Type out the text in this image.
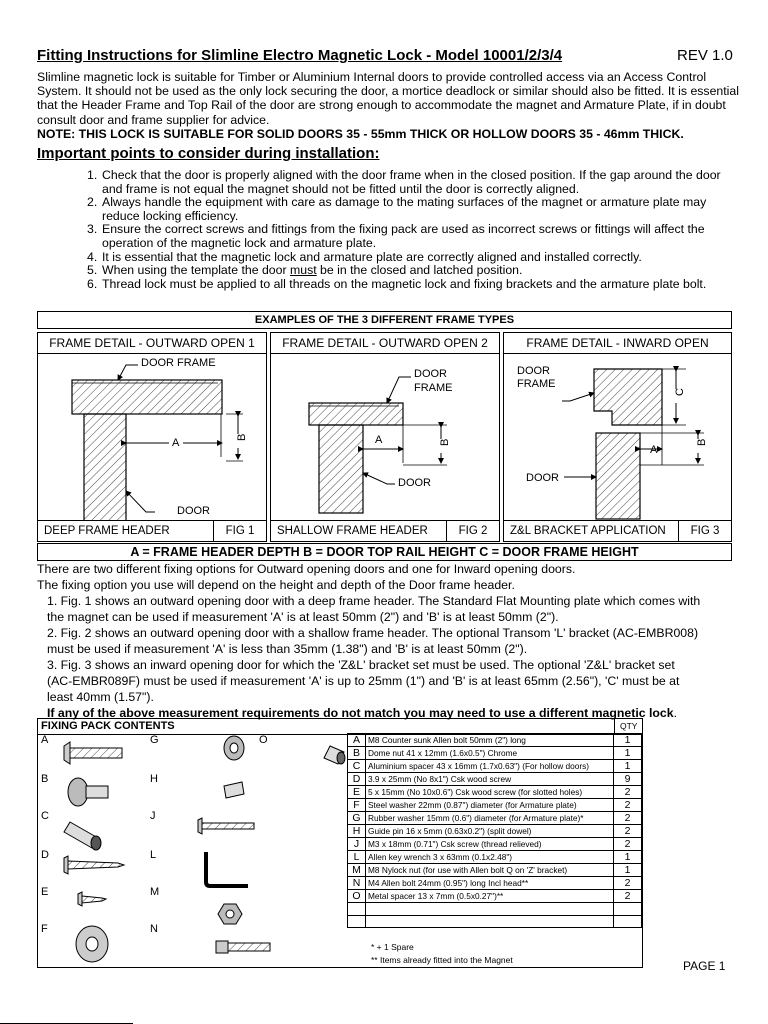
Fitting Instructions for Slimline Electro Magnetic Lock - Model 10001/2/3/4	REV 1.0
Slimline magnetic lock is suitable for Timber or Aluminium Internal doors to provide controlled access via an Access Control System. It should not be used as the only lock securing the door, a mortice deadlock or similar should also be fitted. It is essential that the Header Frame and Top Rail of the door are strong enough to accommodate the magnet and Armature Plate, if in doubt consult door and frame supplier for advice.
NOTE: THIS LOCK IS SUITABLE FOR SOLID DOORS 35 - 55mm THICK OR HOLLOW DOORS 35 - 46mm THICK.
Important points to consider during installation:
1. Check that the door is properly aligned with the door frame when in the closed position. If the gap around the door and frame is not equal the magnet should not be fitted until the door is correctly aligned.
2. Always handle the equipment with care as damage to the mating surfaces of the magnet or armature plate may reduce locking efficiency.
3. Ensure the correct screws and fittings from the fixing pack are used as incorrect screws or fittings will affect the operation of the magnetic lock and armature plate.
4. It is essential that the magnetic lock and armature plate are correctly aligned and installed correctly.
5. When using the template the door must be in the closed and latched position.
6. Thread lock must be applied to all threads on the magnetic lock and fixing brackets and the armature plate bolt.
EXAMPLES OF THE 3 DIFFERENT FRAME TYPES
FRAME DETAIL - OUTWARD OPEN 1
B
DOOR FRAME
A
DOOR
DEEP FRAME HEADER	FIG 1
FRAME DETAIL - OUTWARD OPEN 2
B
DOOR
FRAME
A
DOOR
SHALLOW FRAME HEADER	FIG 2
FRAME DETAIL - INWARD OPEN
C
B
DOOR
FRAME
A
DOOR
Z&L BRACKET APPLICATION	FIG 3
A = FRAME HEADER DEPTH B = DOOR TOP RAIL HEIGHT C = DOOR FRAME HEIGHT
There are two different fixing options for Outward opening doors and one for Inward opening doors.
The fixing option you use will depend on the height and depth of the Door frame header.
1. Fig. 1 shows an outward opening door with a deep frame header. The Standard Flat Mounting plate which comes with
the magnet can be used if measurement 'A' is at least 50mm (2") and 'B' is at least 50mm (2").
2. Fig. 2 shows an outward opening door with a shallow frame header. The optional Transom 'L' bracket (AC-EMBR008)
must be used if measurement 'A' is less than 35mm (1.38") and 'B' is at least 50mm (2").
3. Fig. 3 shows an inward opening door for which the 'Z&L' bracket set must be used. The optional 'Z&L' bracket set
(AC-EMBR089F) must be used if measurement 'A' is up to 25mm (1") and 'B' is at least 65mm (2.56"), 'C' must be at
least 40mm (1.57").
If any of the above measurement requirements do not match you may need to use a different magnetic lock.
FIXING PACK CONTENTS	QTY
A
B
C
D
E
F
G
H
J
L
M
N
O
* + 1 Spare
** Items already fitted into the Magnet
A	M8 Counter sunk Allen bolt 50mm (2") long	1
B	Dome nut 41 x 12mm (1.6x0.5") Chrome	1
C	Aluminium spacer 43 x 16mm (1.7x0.63") (For hollow doors)	1
D	3.9 x 25mm (No 8x1") Csk wood screw	9
E	5 x 15mm (No 10x0.6") Csk wood screw (for slotted holes)	2
F	Steel washer 22mm (0.87") diameter (for Armature plate)	2
G	Rubber washer 15mm (0.6") diameter (for Armature plate)*	2
H	Guide pin 16 x 5mm (0.63x0.2") (split dowel)	2
J	M3 x 18mm (0.71") Csk screw (thread relieved)	2
L	Allen key wrench 3 x 63mm (0.1x2.48")	1
M	M8 Nylock nut (for use with Allen bolt Q on 'Z' bracket)	1
N	M4 Allen bolt 24mm (0.95") long Incl head**	2
O	Metal spacer 13 x 7mm (0.5x0.27")**	2

PAGE 1
